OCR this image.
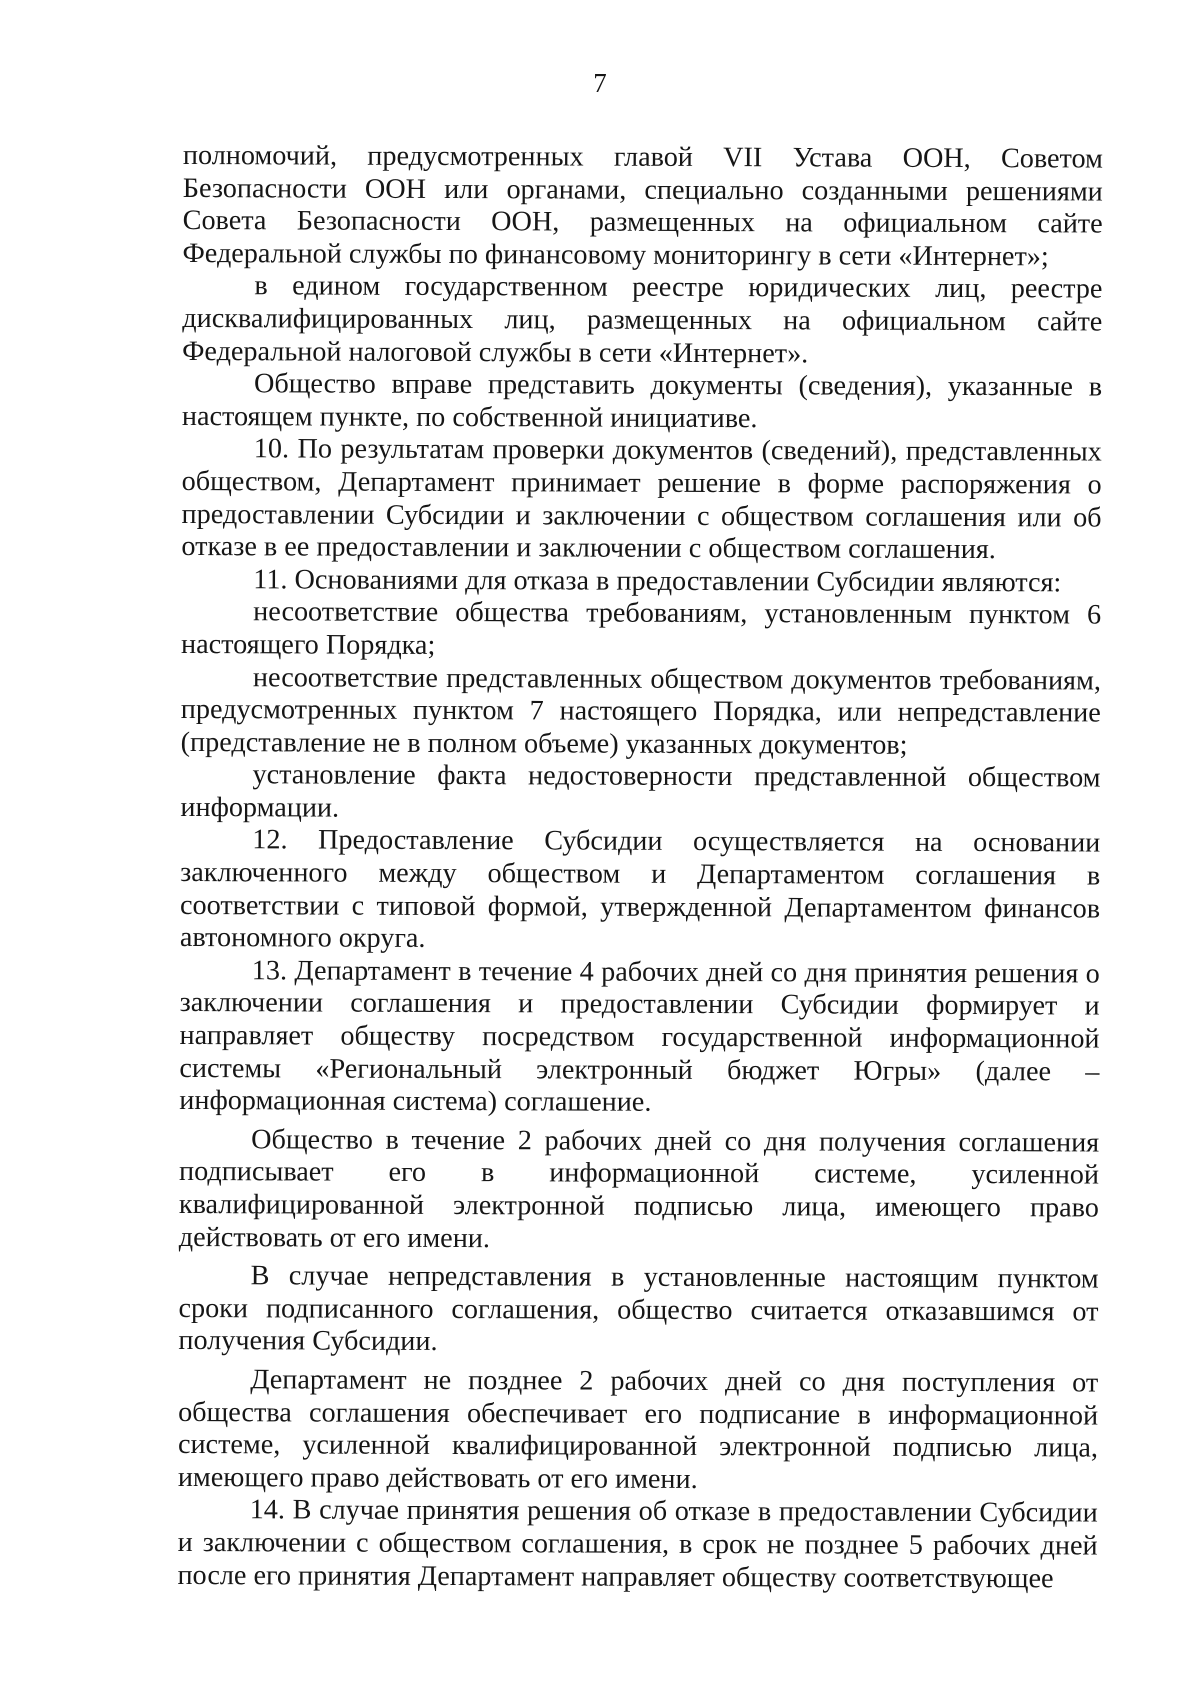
7

полномочий, предусмотренных главой VII Устава ООН, Советом Безопасности ООН или органами, специально созданными решениями Совета Безопасности ООН, размещенных на официальном сайте Федеральной службы по финансовому мониторингу в сети «Интернет»;

в едином государственном реестре юридических лиц, реестре дисквалифицированных лиц, размещенных на официальном сайте Федеральной налоговой службы в сети «Интернет».

Общество вправе представить документы (сведения), указанные в настоящем пункте, по собственной инициативе.

10. По результатам проверки документов (сведений), представленных обществом, Департамент принимает решение в форме распоряжения о предоставлении Субсидии и заключении с обществом соглашения или об отказе в ее предоставлении и заключении с обществом соглашения.

11. Основаниями для отказа в предоставлении Субсидии являются:

несоответствие общества требованиям, установленным пунктом 6 настоящего Порядка;

несоответствие представленных обществом документов требованиям, предусмотренных пунктом 7 настоящего Порядка, или непредставление (представление не в полном объеме) указанных документов;

установление факта недостоверности представленной обществом информации.

12. Предоставление Субсидии осуществляется на основании заключенного между обществом и Департаментом соглашения в соответствии с типовой формой, утвержденной Департаментом финансов автономного округа.

13. Департамент в течение 4 рабочих дней со дня принятия решения о заключении соглашения и предоставлении Субсидии формирует и направляет обществу посредством государственной информационной системы «Региональный электронный бюджет Югры» (далее – информационная система) соглашение.

Общество в течение 2 рабочих дней со дня получения соглашения подписывает его в информационной системе, усиленной квалифицированной электронной подписью лица, имеющего право действовать от его имени.

В случае непредставления в установленные настоящим пунктом сроки подписанного соглашения, общество считается отказавшимся от получения Субсидии.

Департамент не позднее 2 рабочих дней со дня поступления от общества соглашения обеспечивает его подписание в информационной системе, усиленной квалифицированной электронной подписью лица, имеющего право действовать от его имени.

14. В случае принятия решения об отказе в предоставлении Субсидии и заключении с обществом соглашения, в срок не позднее 5 рабочих дней после его принятия Департамент направляет обществу соответствующее
